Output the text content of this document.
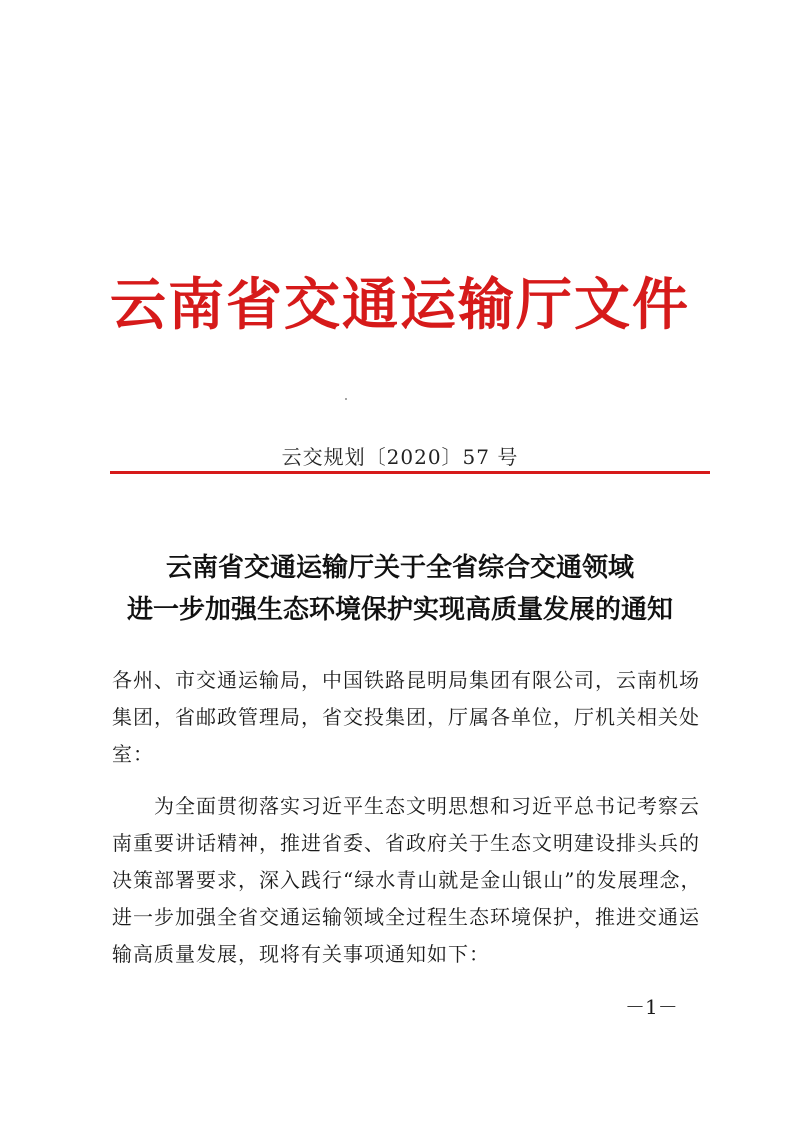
云南省交通运输厅文件
云交规划〔2020〕57 号
云南省交通运输厅关于全省综合交通领域
进一步加强生态环境保护实现高质量发展的通知
各州、市交通运输局，中国铁路昆明局集团有限公司，云南机场集团，省邮政管理局，省交投集团，厅属各单位，厅机关相关处室：
为全面贯彻落实习近平生态文明思想和习近平总书记考察云南重要讲话精神，推进省委、省政府关于生态文明建设排头兵的决策部署要求，深入践行“绿水青山就是金山银山”的发展理念，进一步加强全省交通运输领域全过程生态环境保护，推进交通运输高质量发展，现将有关事项通知如下：
－1－
